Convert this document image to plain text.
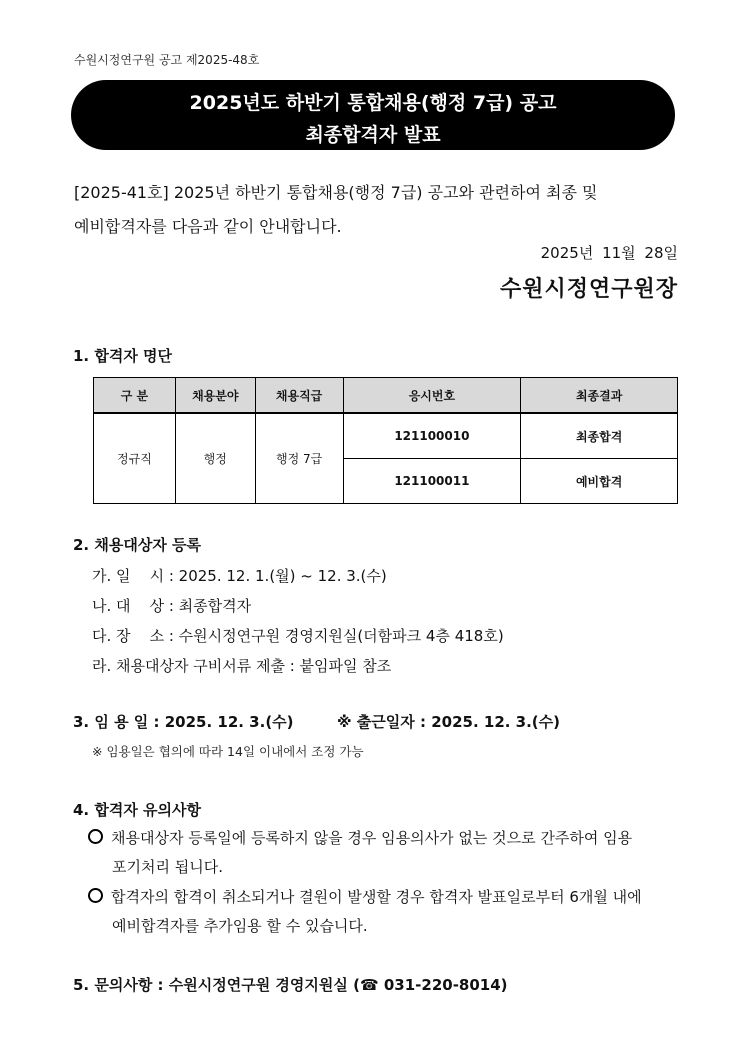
수원시정연구원 공고 제2025-48호
2025년도 하반기 통합채용(행정 7급) 공고
최종합격자 발표
[2025-41호] 2025년 하반기 통합채용(행정 7급) 공고와 관련하여 최종 및
예비합격자를 다음과 같이 안내합니다.
2025년 11월 28일
수원시정연구원장
1. 합격자 명단
구 분	채용분야	채용직급	응시번호	최종결과
정규직	행정	행정 7급	121100010	최종합격
			121100011	예비합격
2. 채용대상자 등록
가. 일    시 : 2025. 12. 1.(월) ~ 12. 3.(수)
나. 대    상 : 최종합격자
다. 장    소 : 수원시정연구원 경영지원실(더함파크 4층 418호)
라. 채용대상자 구비서류 제출 : 붙임파일 참조
3. 임 용 일 : 2025. 12. 3.(수)	※ 출근일자 : 2025. 12. 3.(수)
※ 임용일은 협의에 따라 14일 이내에서 조정 가능
4. 합격자 유의사항
채용대상자 등록일에 등록하지 않을 경우 임용의사가 없는 것으로 간주하여 임용
포기처리 됩니다.
합격자의 합격이 취소되거나 결원이 발생할 경우 합격자 발표일로부터 6개월 내에
예비합격자를 추가임용 할 수 있습니다.
5. 문의사항 : 수원시정연구원 경영지원실 (☎ 031-220-8014)
